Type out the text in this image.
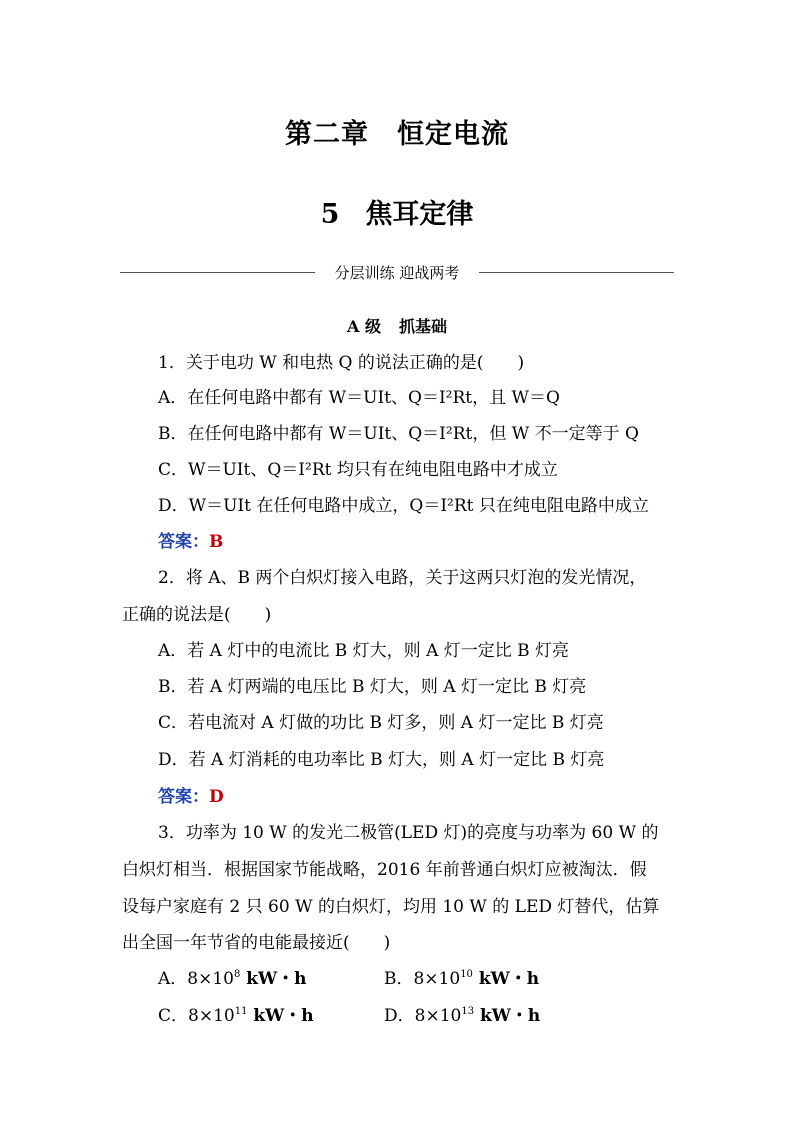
第二章 恒定电流
5 焦耳定律
分层训练 迎战两考
A 级 抓基础
1．关于电功 W 和电热 Q 的说法正确的是(　　)
A．在任何电路中都有 W＝UIt、Q＝I²Rt，且 W＝Q
B．在任何电路中都有 W＝UIt、Q＝I²Rt，但 W 不一定等于 Q
C．W＝UIt、Q＝I²Rt 均只有在纯电阻电路中才成立
D．W＝UIt 在任何电路中成立，Q＝I²Rt 只在纯电阻电路中成立
答案：B
2．将 A、B 两个白炽灯接入电路，关于这两只灯泡的发光情况，
正确的说法是(　　)
A．若 A 灯中的电流比 B 灯大，则 A 灯一定比 B 灯亮
B．若 A 灯两端的电压比 B 灯大，则 A 灯一定比 B 灯亮
C．若电流对 A 灯做的功比 B 灯多，则 A 灯一定比 B 灯亮
D．若 A 灯消耗的电功率比 B 灯大，则 A 灯一定比 B 灯亮
答案：D
3．功率为 10 W 的发光二极管(LED 灯)的亮度与功率为 60 W 的
白炽灯相当．根据国家节能战略，2016 年前普通白炽灯应被淘汰．假
设每户家庭有 2 只 60 W 的白炽灯，均用 10 W 的 LED 灯替代，估算
出全国一年节省的电能最接近(　　)
A．$8\times 10^8$ kW・h	B．$8\times 10^{10}$ kW・h
C．$8\times 10^{11}$ kW・h	D．$8\times 10^{13}$ kW・h
